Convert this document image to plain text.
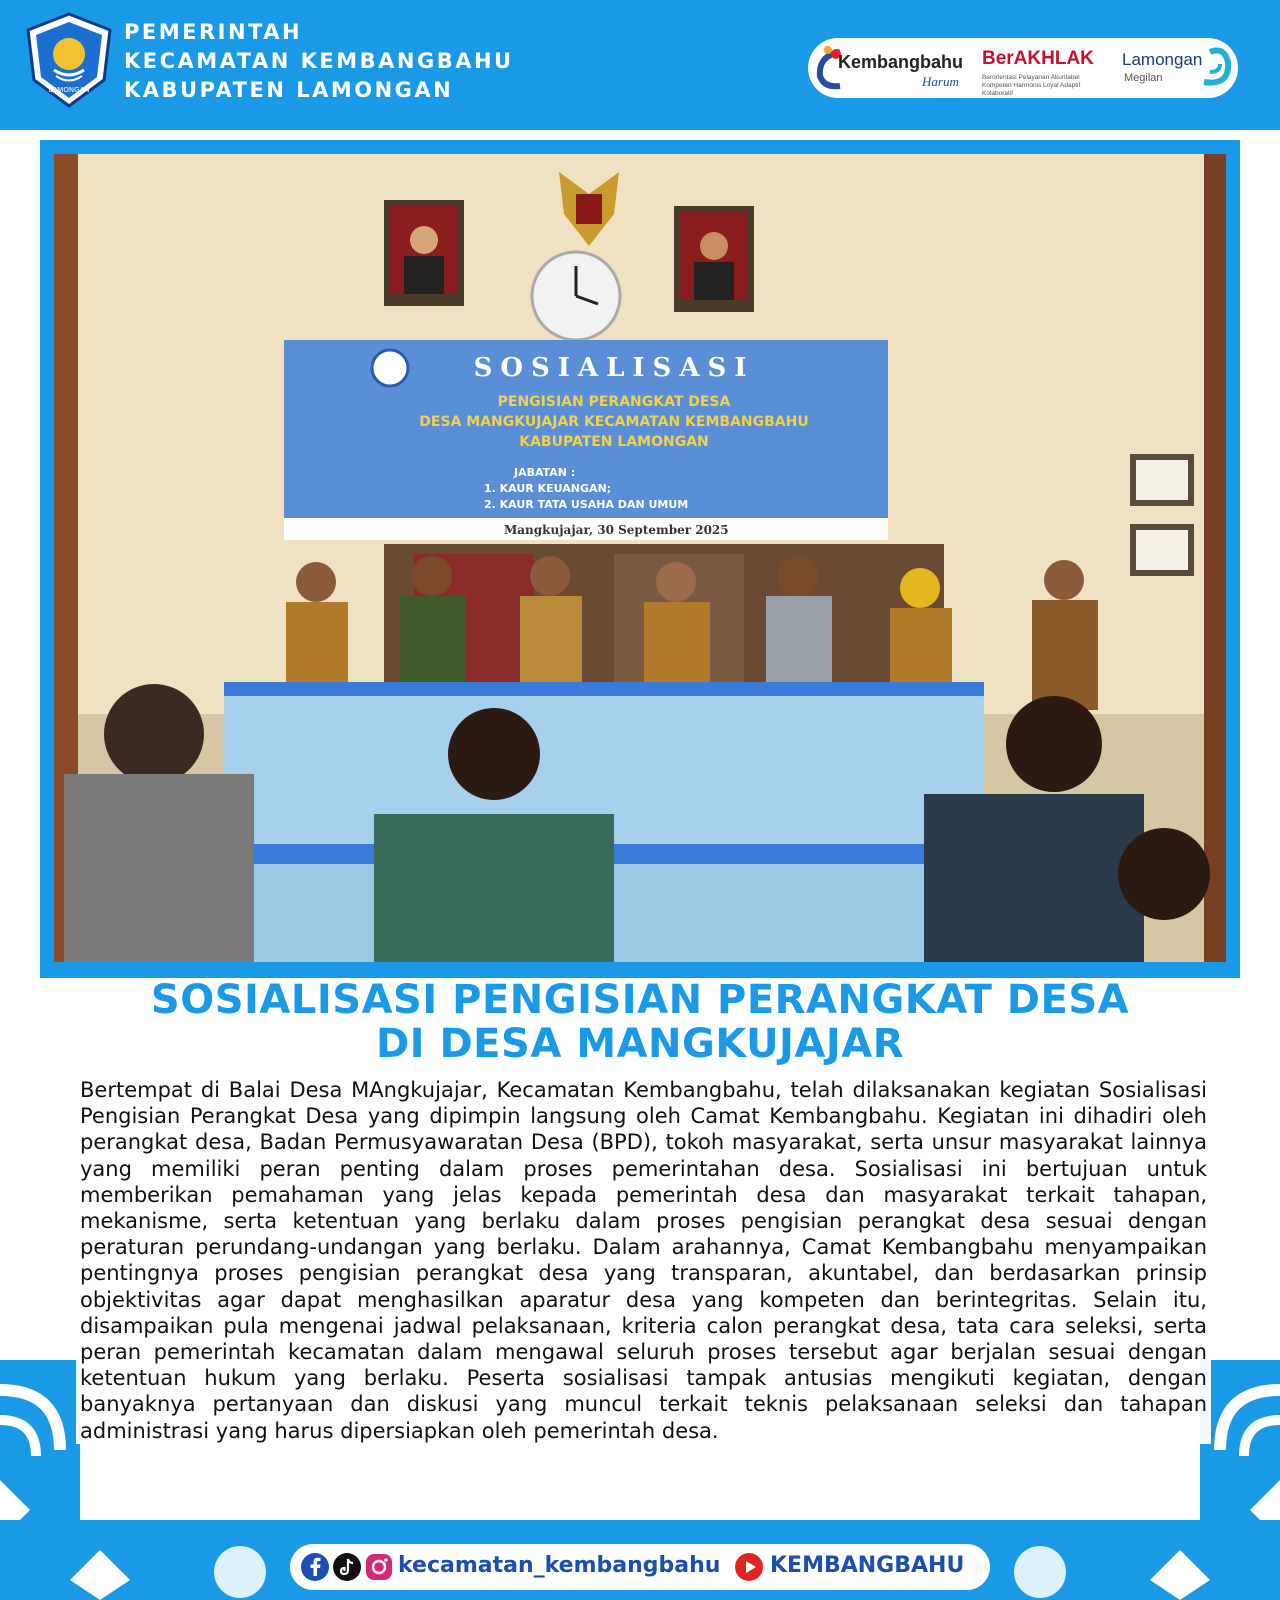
LAMONGAN
PEMERINTAH
KECAMATAN KEMBANGBAHU
KABUPATEN LAMONGAN
Kembangbahu
Harum
BerAKHLAK
Berorientasi Pelayanan Akuntabel Kompeten Harmonis Loyal Adaptif Kolaboratif
Lamongan
Megilan
SOSIALISASI
PENGISIAN PERANGKAT DESA
DESA MANGKUJAJAR KECAMATAN KEMBANGBAHU
KABUPATEN LAMONGAN
JABATAN :
1. KAUR KEUANGAN;
2. KAUR TATA USAHA DAN UMUM
Mangkujajar, 30 September 2025
SOSIALISASI PENGISIAN PERANGKAT DESA
DI DESA MANGKUJAJAR
Bertempat di Balai Desa MAngkujajar, Kecamatan Kembangbahu, telah dilaksanakan kegiatan Sosialisasi Pengisian Perangkat Desa yang dipimpin langsung oleh Camat Kembangbahu. Kegiatan ini dihadiri oleh perangkat desa, Badan Permusyawaratan Desa (BPD), tokoh masyarakat, serta unsur masyarakat lainnya yang memiliki peran penting dalam proses pemerintahan desa. Sosialisasi ini bertujuan untuk memberikan pemahaman yang jelas kepada pemerintah desa dan masyarakat terkait tahapan, mekanisme, serta ketentuan yang berlaku dalam proses pengisian perangkat desa sesuai dengan peraturan perundang-undangan yang berlaku. Dalam arahannya, Camat Kembangbahu menyampaikan pentingnya proses pengisian perangkat desa yang transparan, akuntabel, dan berdasarkan prinsip objektivitas agar dapat menghasilkan aparatur desa yang kompeten dan berintegritas. Selain itu, disampaikan pula mengenai jadwal pelaksanaan, kriteria calon perangkat desa, tata cara seleksi, serta peran pemerintah kecamatan dalam mengawal seluruh proses tersebut agar berjalan sesuai dengan ketentuan hukum yang berlaku. Peserta sosialisasi tampak antusias mengikuti kegiatan, dengan banyaknya pertanyaan dan diskusi yang muncul terkait teknis pelaksanaan seleksi dan tahapan administrasi yang harus dipersiapkan oleh pemerintah desa.
kecamatan_kembangbahu KEMBANGBAHU
